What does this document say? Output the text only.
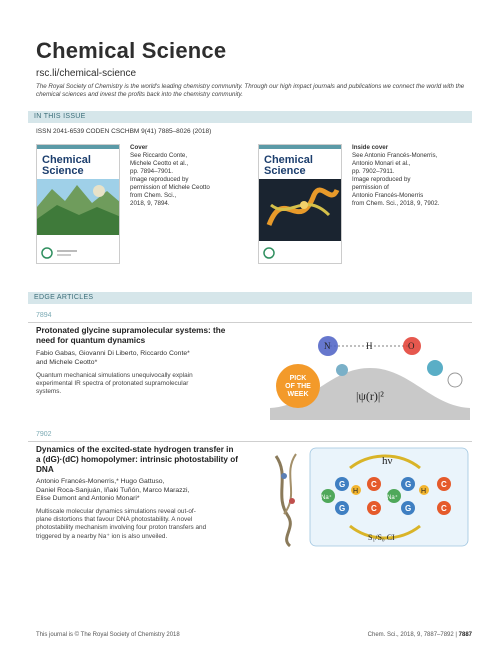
Chemical Science
rsc.li/chemical-science
The Royal Society of Chemistry is the world's leading chemistry community. Through our high impact journals and publications we connect the world with the chemical sciences and invest the profits back into the chemistry community.
IN THIS ISSUE
ISSN 2041-6539 CODEN CSCHBM 9(41) 7885–8026 (2018)
Chemical
Science
Cover
See Riccardo Conte,
Michele Ceotto et al.,
pp. 7894–7901.
Image reproduced by
permission of Michele Ceotto
from Chem. Sci.,
2018, 9, 7894.
Chemical
Science
Inside cover
See Antonio Francés-Monerris,
Antonio Monari et al.,
pp. 7902–7911.
Image reproduced by
permission of
Antonio Francés-Monerris
from Chem. Sci., 2018, 9, 7902.
EDGE ARTICLES
7894
Protonated glycine supramolecular systems: the
need for quantum dynamics
Fabio Gabas, Giovanni Di Liberto, Riccardo Conte*
and Michele Ceotto*
Quantum mechanical simulations unequivocally explain
experimental IR spectra of protonated supramolecular
systems.
N	H	O
|ψ(r)|²
PICK
OF THE
WEEK
7902
Dynamics of the excited-state hydrogen transfer in
a (dG)·(dC) homopolymer: intrinsic photostability of
DNA
Antonio Francés-Monerris,* Hugo Gattuso,
Daniel Roca-Sanjuán, Iñaki Tuñón, Marco Marazzi,
Elise Dumont and Antonio Monari*
Multiscale molecular dynamics simulations reveal out-of-
plane distortions that favour DNA photostability. A novel
photostability mechanism involving four proton transfers and
triggered by a nearby Na⁺ ion is also unveiled.
hν
G
G
Na⁺
H
C
C
G
G
Na⁺
H
C
C
S₁/S₀ CI
This journal is © The Royal Society of Chemistry 2018	Chem. Sci., 2018, 9, 7887–7892 | 7887
